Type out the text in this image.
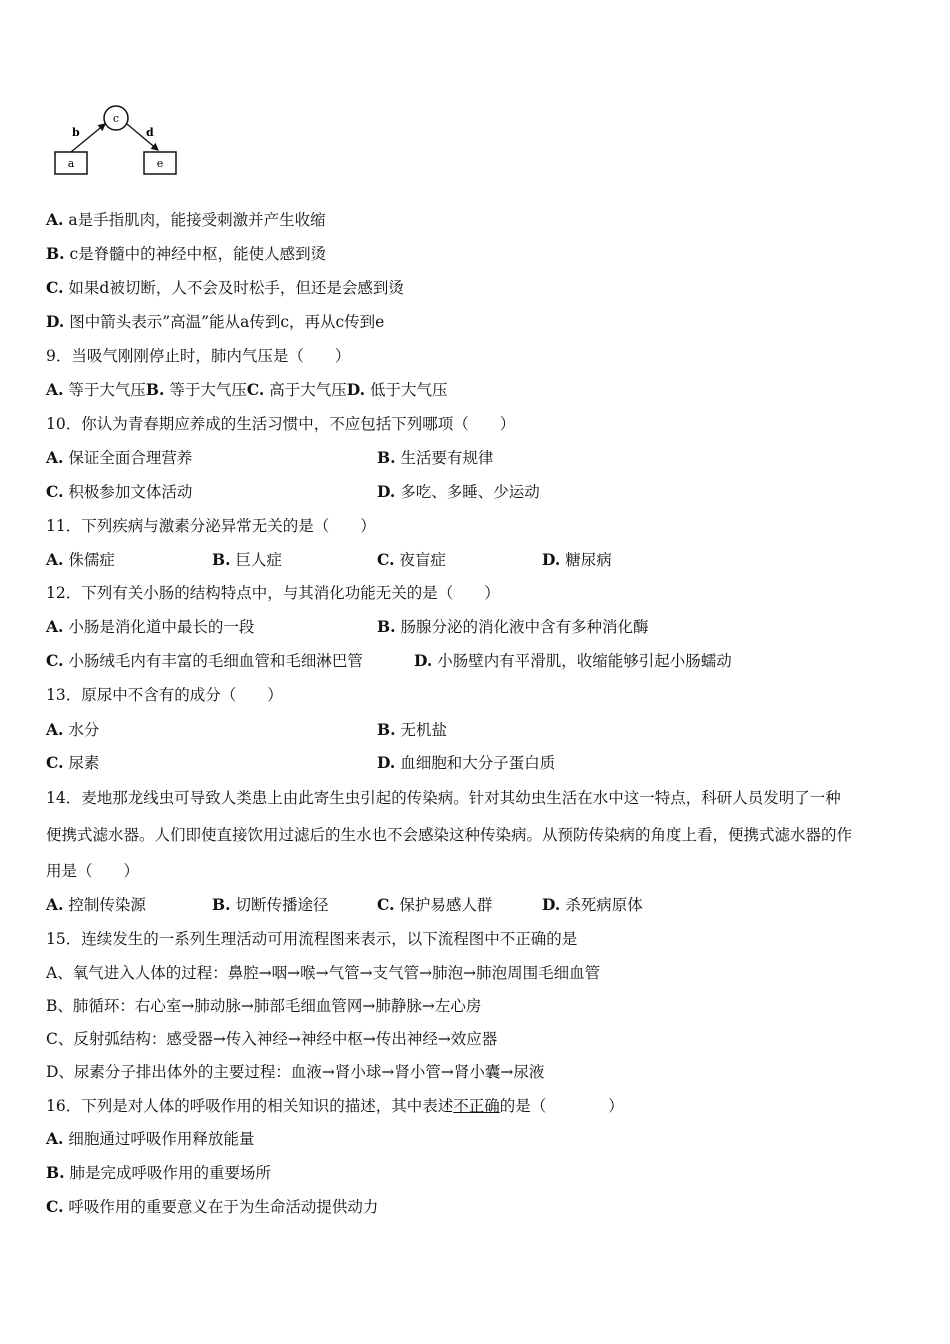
a
c
e
b	d
A. a是手指肌肉，能接受刺激并产生收缩
B. c是脊髓中的神经中枢，能使人感到烫
C. 如果d被切断，人不会及时松手，但还是会感到烫
D. 图中箭头表示”高温”能从a传到c，再从c传到e
9．当吸气刚刚停止时，肺内气压是（　　）
A. 等于大气压B. 等于大气压C. 高于大气压D. 低于大气压
10．你认为青春期应养成的生活习惯中，不应包括下列哪项（　　）
A. 保证全面合理营养	B. 生活要有规律
C. 积极参加文体活动	D. 多吃、多睡、少运动
11．下列疾病与激素分泌异常无关的是（　　）
A. 侏儒症	B. 巨人症	C. 夜盲症	D. 糖尿病
12．下列有关小肠的结构特点中，与其消化功能无关的是（　　）
A. 小肠是消化道中最长的一段	B. 肠腺分泌的消化液中含有多种消化酶
C. 小肠绒毛内有丰富的毛细血管和毛细淋巴管	D. 小肠壁内有平滑肌，收缩能够引起小肠蠕动
13．原尿中不含有的成分（　　）
A. 水分	B. 无机盐
C. 尿素	D. 血细胞和大分子蛋白质
14．麦地那龙线虫可导致人类患上由此寄生虫引起的传染病。针对其幼虫生活在水中这一特点，科研人员发明了一种
便携式滤水器。人们即使直接饮用过滤后的生水也不会感染这种传染病。从预防传染病的角度上看，便携式滤水器的作
用是（　　）
A. 控制传染源	B. 切断传播途径	C. 保护易感人群	D. 杀死病原体
15．连续发生的一系列生理活动可用流程图来表示，以下流程图中不正确的是
A、氧气进入人体的过程：鼻腔→咽→喉→气管→支气管→肺泡→肺泡周围毛细血管
B、肺循环：右心室→肺动脉→肺部毛细血管网→肺静脉→左心房
C、反射弧结构：感受器→传入神经→神经中枢→传出神经→效应器
D、尿素分子排出体外的主要过程：血液→肾小球→肾小管→肾小囊→尿液
16．下列是对人体的呼吸作用的相关知识的描述，其中表述不正确的是（　　　　）
A. 细胞通过呼吸作用释放能量
B. 肺是完成呼吸作用的重要场所
C. 呼吸作用的重要意义在于为生命活动提供动力
